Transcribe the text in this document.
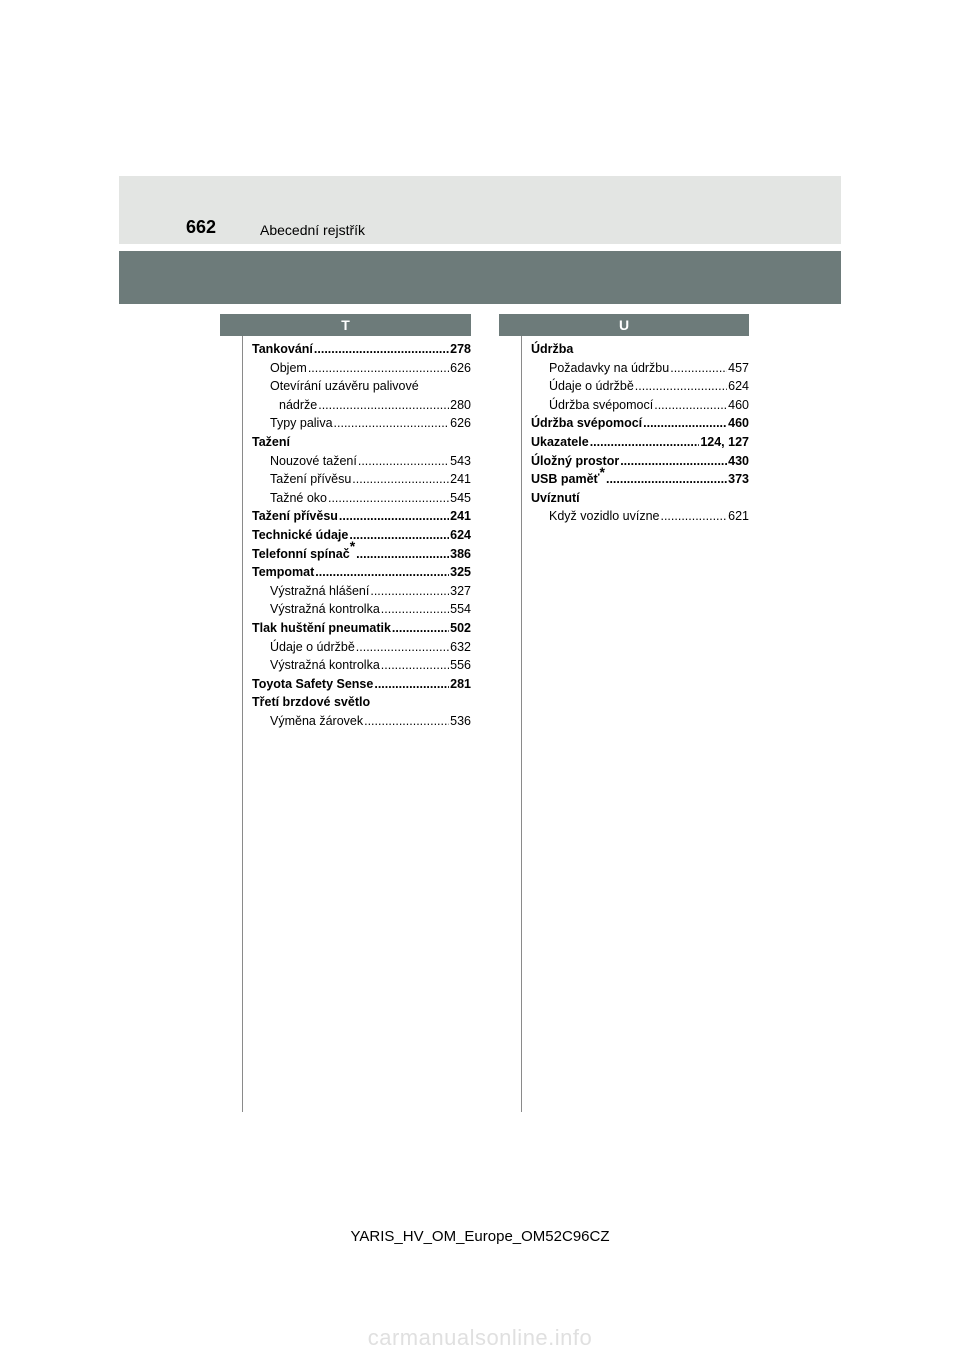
662	Abecední rejstřík
T	U
Tankování .....	278
Objem .....	626
Otevírání uzávěru palivové
nádrže .....	280
Typy paliva .....	626
Tažení
Nouzové tažení .....	543
Tažení přívěsu .....	241
Tažné oko .....	545
Tažení přívěsu .....	241
Technické údaje .....	624
Telefonní spínač* .....	386
Tempomat .....	325
Výstražná hlášení .....	327
Výstražná kontrolka .....	554
Tlak huštění pneumatik .....	502
Údaje o údržbě .....	632
Výstražná kontrolka .....	556
Toyota Safety Sense .....	281
Třetí brzdové světlo
Výměna žárovek .....	536
Údržba
Požadavky na údržbu .....	457
Údaje o údržbě .....	624
Údržba svépomocí .....	460
Údržba svépomocí .....	460
Ukazatele .....	124, 127
Úložný prostor .....	430
USB paměť* .....	373
Uvíznutí
Když vozidlo uvízne .....	621
YARIS_HV_OM_Europe_OM52C96CZ
carmanualsonline.info
